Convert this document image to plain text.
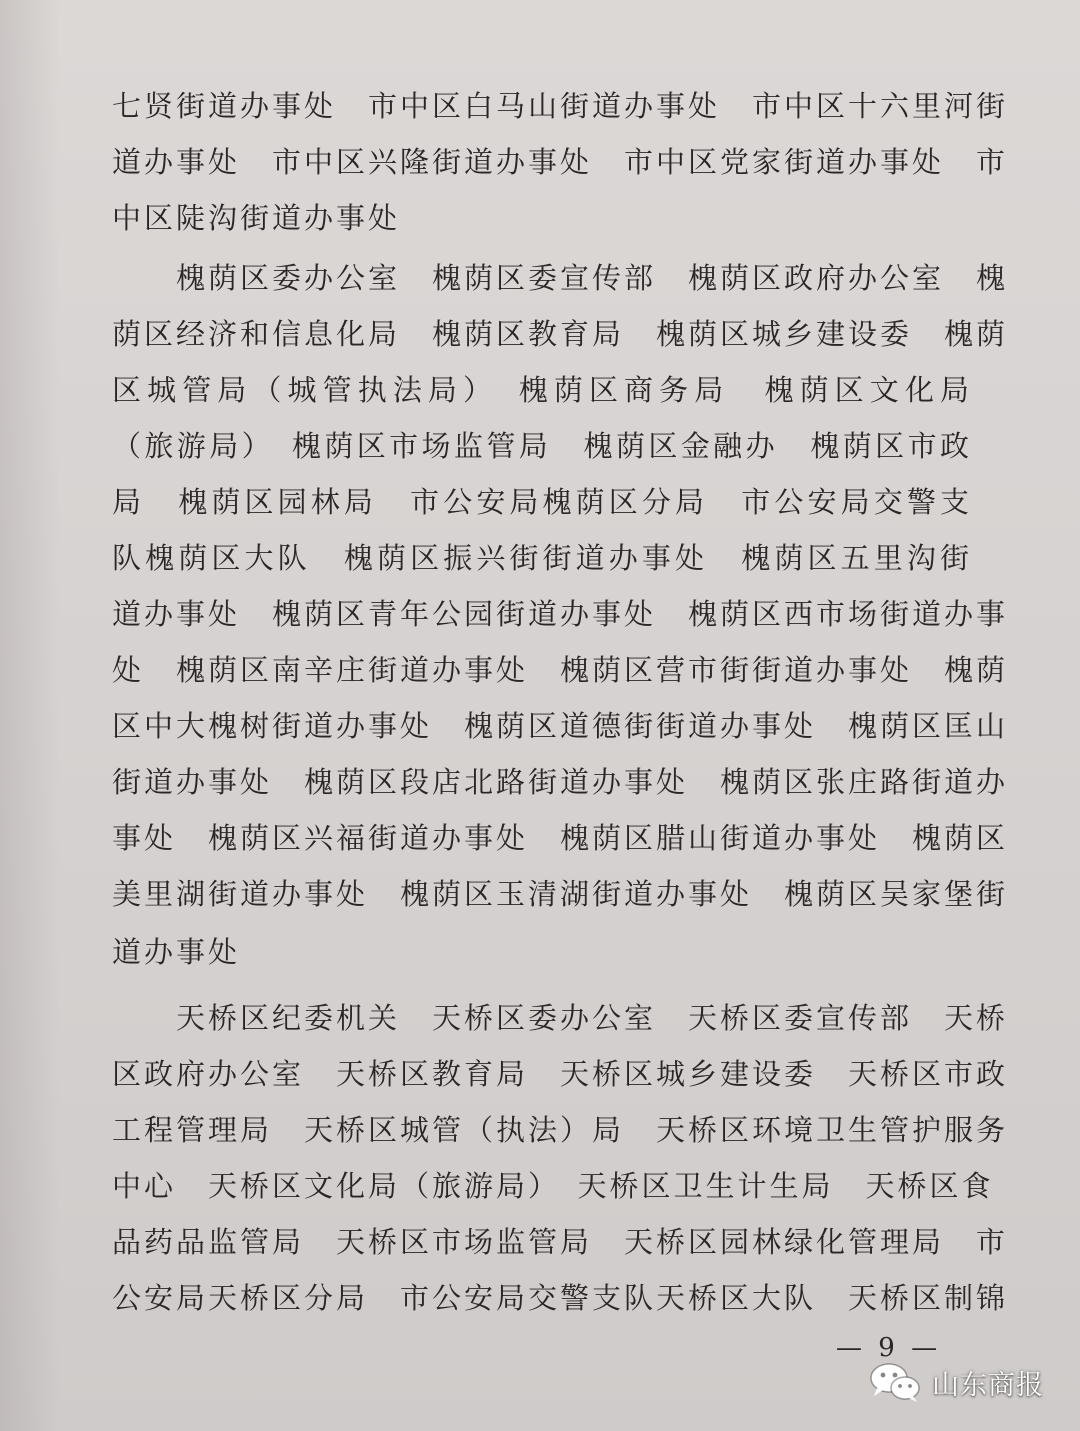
七贤街道办事处　市中区白马山街道办事处　市中区十六里河街
道办事处　市中区兴隆街道办事处　市中区党家街道办事处　市
中区陡沟街道办事处
槐荫区委办公室　槐荫区委宣传部　槐荫区政府办公室　槐
荫区经济和信息化局　槐荫区教育局　槐荫区城乡建设委　槐荫
区城管局（城管执法局）　槐荫区商务局　槐荫区文化局
（旅游局）　槐荫区市场监管局　槐荫区金融办　槐荫区市政
局　槐荫区园林局　市公安局槐荫区分局　市公安局交警支
队槐荫区大队　槐荫区振兴街街道办事处　槐荫区五里沟街
道办事处　槐荫区青年公园街道办事处　槐荫区西市场街道办事
处　槐荫区南辛庄街道办事处　槐荫区营市街街道办事处　槐荫
区中大槐树街道办事处　槐荫区道德街街道办事处　槐荫区匡山
街道办事处　槐荫区段店北路街道办事处　槐荫区张庄路街道办
事处　槐荫区兴福街道办事处　槐荫区腊山街道办事处　槐荫区
美里湖街道办事处　槐荫区玉清湖街道办事处　槐荫区吴家堡街
道办事处
天桥区纪委机关　天桥区委办公室　天桥区委宣传部　天桥
区政府办公室　天桥区教育局　天桥区城乡建设委　天桥区市政
工程管理局　天桥区城管（执法）局　天桥区环境卫生管护服务
中心　天桥区文化局（旅游局）　天桥区卫生计生局　天桥区食
品药品监管局　天桥区市场监管局　天桥区园林绿化管理局　市
公安局天桥区分局　市公安局交警支队天桥区大队　天桥区制锦
— 9 —
山东商报
